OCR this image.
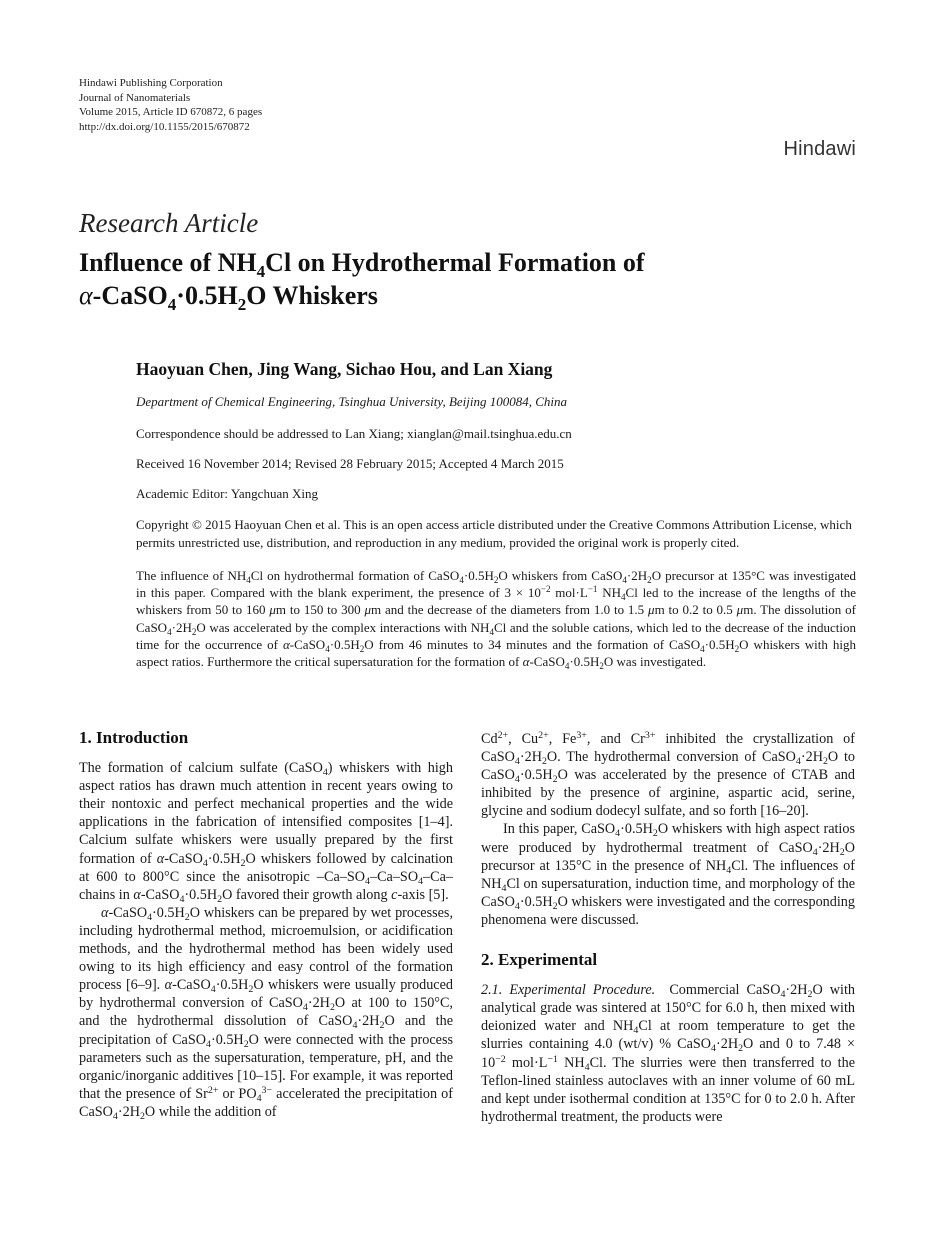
Hindawi Publishing Corporation
Journal of Nanomaterials
Volume 2015, Article ID 670872, 6 pages
http://dx.doi.org/10.1155/2015/670872
Hindawi
Research Article
Influence of $NH_4Cl$ on Hydrothermal Formation of
$\alpha-CaSO_4\cdot 0.5H_2O$ Whiskers
Haoyuan Chen, Jing Wang, Sichao Hou, and Lan Xiang
Department of Chemical Engineering, Tsinghua University, Beijing 100084, China
Correspondence should be addressed to Lan Xiang; xianglan@mail.tsinghua.edu.cn
Received 16 November 2014; Revised 28 February 2015; Accepted 4 March 2015
Academic Editor: Yangchuan Xing
Copyright © 2015 Haoyuan Chen et al. This is an open access article distributed under the Creative Commons Attribution License, which permits unrestricted use, distribution, and reproduction in any medium, provided the original work is properly cited.
The influence of $NH_4Cl$ on hydrothermal formation of $CaSO_4\cdot 0.5H_2O$ whiskers from $CaSO_4\cdot 2H_2O$ precursor at 135°C was investigated in this paper. Compared with the blank experiment, the presence of $3 \times 10^{-2}$ $mol\cdot L^{-1}$ $NH_4Cl$ led to the increase of the lengths of the whiskers from 50 to 160 μm to 150 to 300 μm and the decrease of the diameters from 1.0 to 1.5 μm to 0.2 to 0.5 μm. The dissolution of $CaSO_4\cdot 2H_2O$ was accelerated by the complex interactions with $NH_4Cl$ and the soluble cations, which led to the decrease of the induction time for the occurrence of $\alpha-CaSO_4\cdot 0.5H_2O$ from 46 minutes to 34 minutes and the formation of $CaSO_4\cdot 0.5H_2O$ whiskers with high aspect ratios. Furthermore the critical supersaturation for the formation of $\alpha-CaSO_4\cdot 0.5H_2O$ was investigated.
1. Introduction

The formation of calcium sulfate (CaSO$_4$) whiskers with high aspect ratios has drawn much attention in recent years owing to their nontoxic and perfect mechanical properties and the wide applications in the fabrication of intensified composites [1–4]. Calcium sulfate whiskers were usually prepared by the first formation of $\alpha-CaSO_4\cdot 0.5H_2O$ whiskers followed by calcination at 600 to 800°C since the anisotropic $-Ca-SO_4-Ca-SO_4-Ca$–chains in $\alpha-CaSO_4\cdot 0.5H_2O$ favored their growth along c-axis [5].

$\alpha-CaSO_4\cdot 0.5H_2O$ whiskers can be prepared by wet processes, including hydrothermal method, microemulsion, or acidification methods, and the hydrothermal method has been widely used owing to its high efficiency and easy control of the formation process [6–9]. $\alpha-CaSO_4\cdot 0.5H_2O$ whiskers were usually produced by hydrothermal conversion of $CaSO_4\cdot 2H_2O$ at 100 to 150°C, and the hydrothermal dissolution of $CaSO_4\cdot 2H_2O$ and the precipitation of $CaSO_4\cdot 0.5H_2O$ were connected with the process parameters such as the supersaturation, temperature, pH, and the organic/inorganic additives [10–15]. For example, it was reported that the presence of $Sr^{2+}$ or $PO_4^{3-}$ accelerated the precipitation of $CaSO_4\cdot 2H_2O$ while the addition of

$Cd^{2+}$, $Cu^{2+}$, $Fe^{3+}$, and $Cr^{3+}$ inhibited the crystallization of $CaSO_4\cdot 2H_2O$. The hydrothermal conversion of $CaSO_4\cdot 2H_2O$ to $CaSO_4\cdot 0.5H_2O$ was accelerated by the presence of CTAB and inhibited by the presence of arginine, aspartic acid, serine, glycine and sodium dodecyl sulfate, and so forth [16–20].

In this paper, $CaSO_4\cdot 0.5H_2O$ whiskers with high aspect ratios were produced by hydrothermal treatment of $CaSO_4\cdot 2H_2O$ precursor at 135°C in the presence of $NH_4Cl$. The influences of $NH_4Cl$ on supersaturation, induction time, and morphology of the $CaSO_4\cdot 0.5H_2O$ whiskers were investigated and the corresponding phenomena were discussed.

2. Experimental

2.1. Experimental Procedure.  Commercial $CaSO_4\cdot 2H_2O$ with analytical grade was sintered at 150°C for 6.0 h, then mixed with deionized water and $NH_4Cl$ at room temperature to get the slurries containing 4.0 (wt/v) % $CaSO_4\cdot 2H_2O$ and 0 to $7.48 \times 10^{-2}$ $mol\cdot L^{-1}$ $NH_4Cl$. The slurries were then transferred to the Teflon-lined stainless autoclaves with an inner volume of 60 mL and kept under isothermal condition at 135°C for 0 to 2.0 h. After hydrothermal treatment, the products were
